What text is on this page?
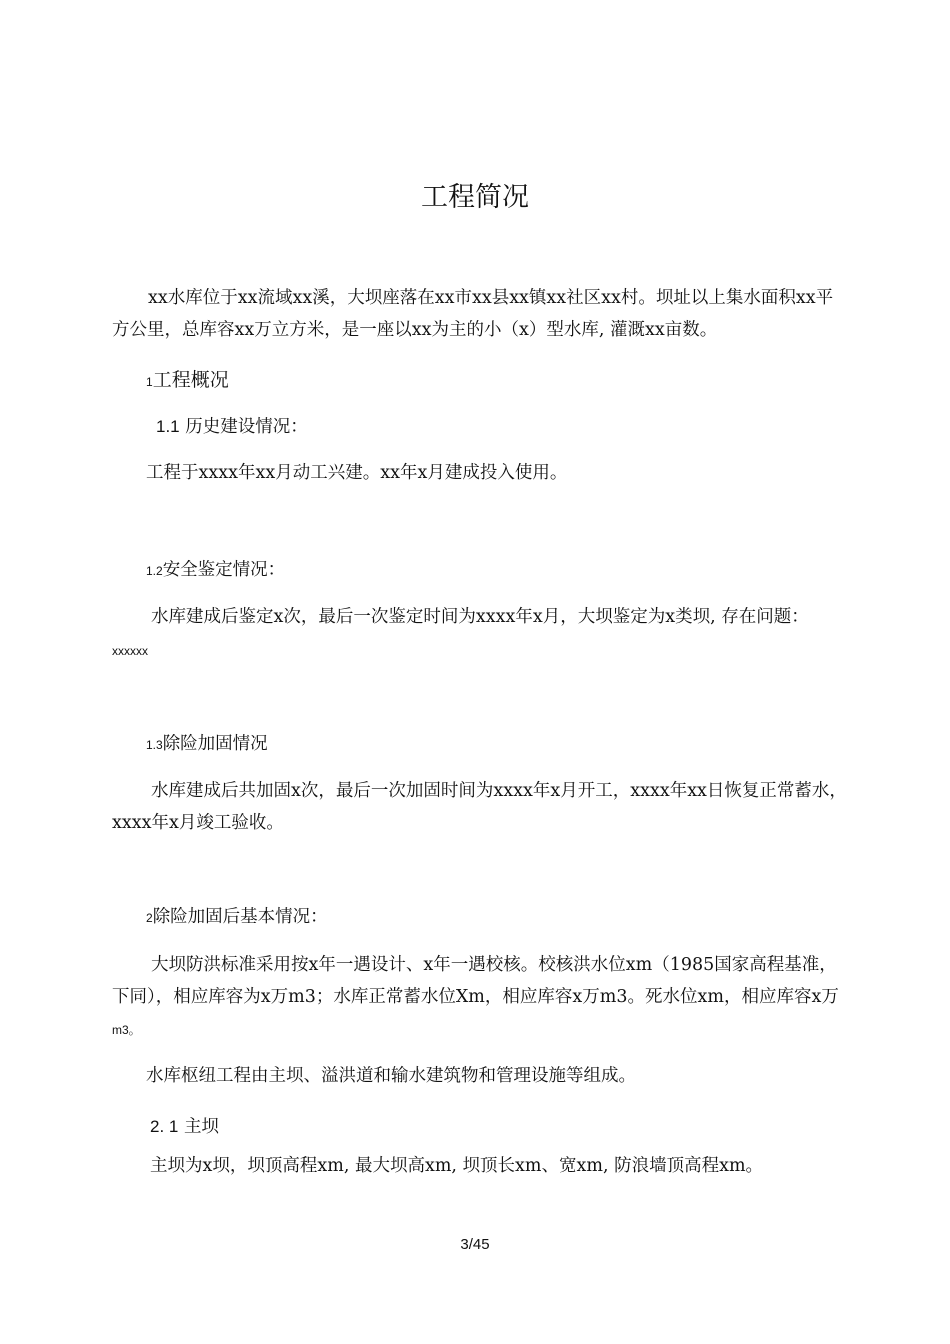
工程简况
xx水库位于xx流域xx溪，大坝座落在xx市xx县xx镇xx社区xx村。坝址以上集水面积xx平
方公里，总库容xx万立方米，是一座以xx为主的小（x）型水库, 灌溉xx亩数。
1工程概况
1.1 历史建设情况：
工程于xxxx年xx月动工兴建。xx年x月建成投入使用。
1.2安全鉴定情况：
水库建成后鉴定x次，最后一次鉴定时间为xxxx年x月，大坝鉴定为x类坝, 存在问题：
xxxxxx
1.3除险加固情况
水库建成后共加固x次，最后一次加固时间为xxxx年x月开工，xxxx年xx日恢复正常蓄水，
xxxx年x月竣工验收。
2除险加固后基本情况：
大坝防洪标准采用按x年一遇设计、x年一遇校核。校核洪水位xm（1985国家高程基准，
下同），相应库容为x万m3；水库正常蓄水位Xm，相应库容x万m3。死水位xm，相应库容x万
m3。
水库枢纽工程由主坝、溢洪道和输水建筑物和管理设施等组成。
2. 1 主坝
主坝为x坝，坝顶高程xm, 最大坝高xm, 坝顶长xm、宽xm, 防浪墙顶高程xm。
3/45
